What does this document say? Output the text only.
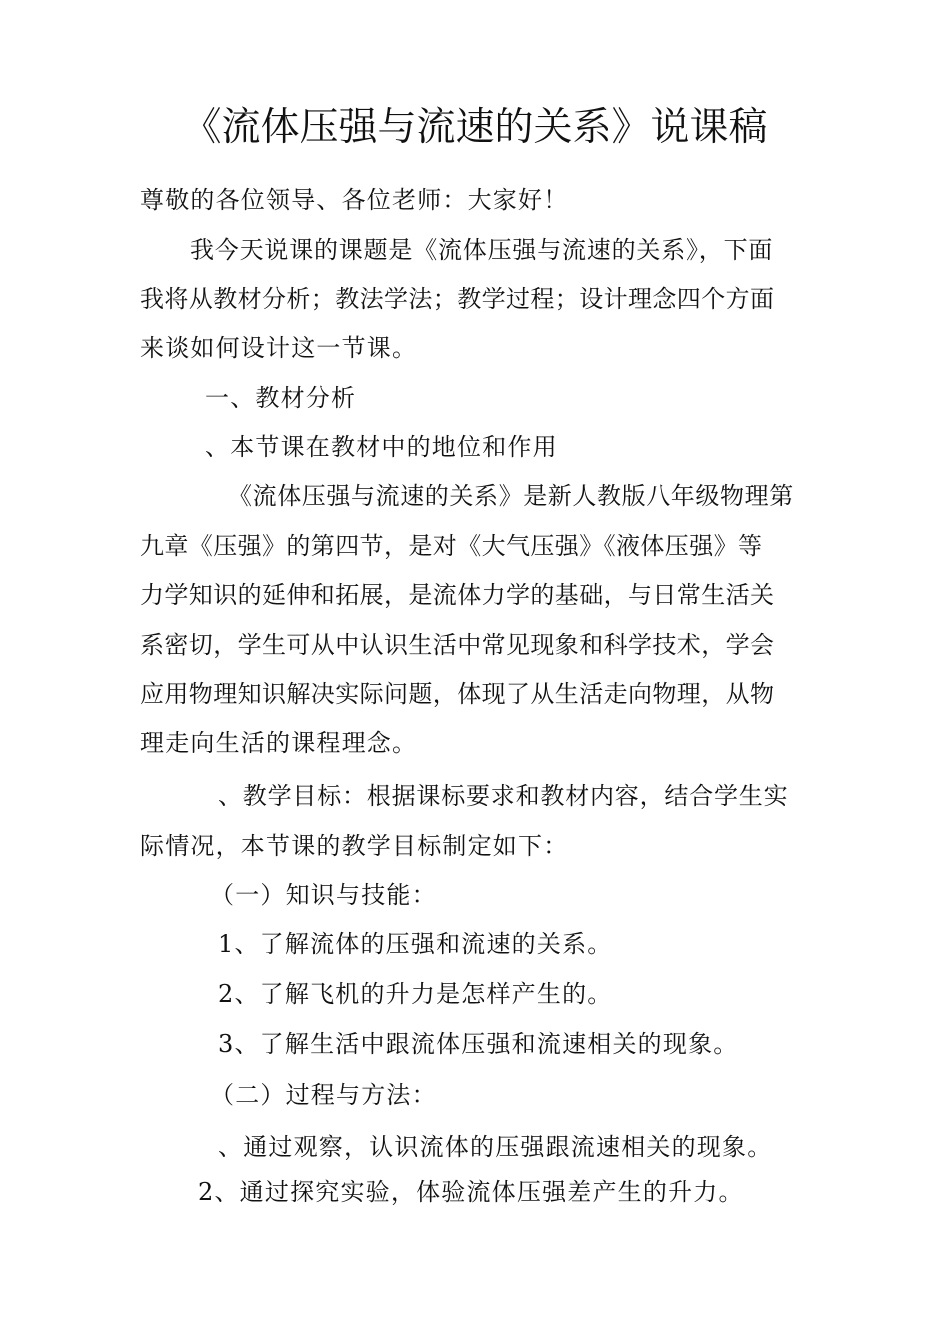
《流体压强与流速的关系》说课稿
尊敬的各位领导、各位老师：大家好！
我今天说课的课题是《流体压强与流速的关系》，下面
我将从教材分析；教法学法；教学过程；设计理念四个方面
来谈如何设计这一节课。
一、教材分析
、本节课在教材中的地位和作用
《流体压强与流速的关系》是新人教版八年级物理第
九章《压强》的第四节，是对《大气压强》《液体压强》等
力学知识的延伸和拓展，是流体力学的基础，与日常生活关
系密切，学生可从中认识生活中常见现象和科学技术，学会
应用物理知识解决实际问题，体现了从生活走向物理，从物
理走向生活的课程理念。
、教学目标：根据课标要求和教材内容，结合学生实
际情况，本节课的教学目标制定如下：
（一）知识与技能：
1、了解流体的压强和流速的关系。
2、了解飞机的升力是怎样产生的。
3、了解生活中跟流体压强和流速相关的现象。
（二）过程与方法：
、通过观察，认识流体的压强跟流速相关的现象。
2、通过探究实验，体验流体压强差产生的升力。
